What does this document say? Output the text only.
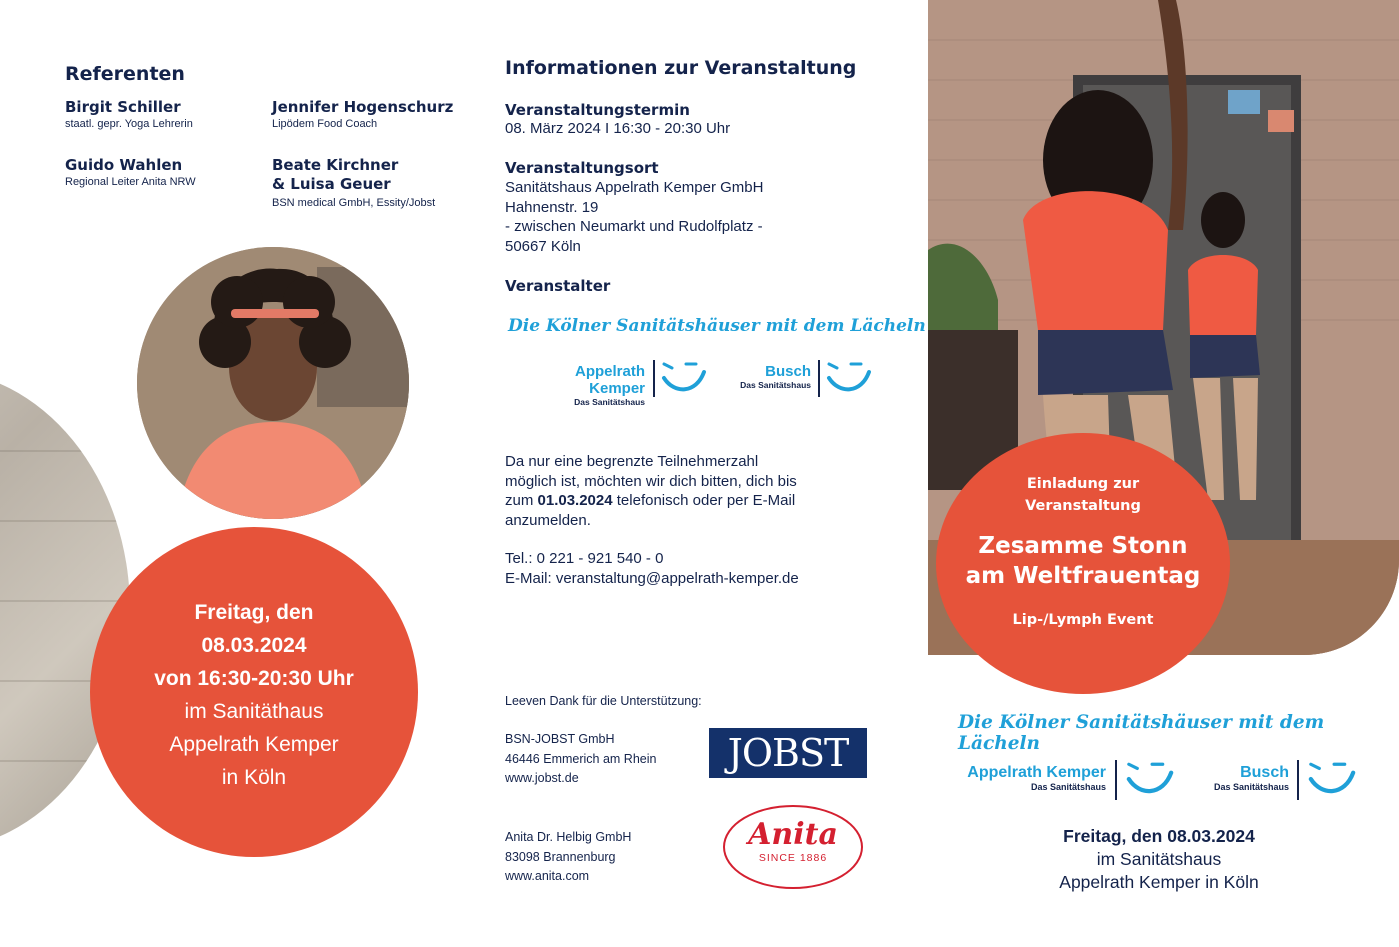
Referenten
Birgit Schiller
staatl. gepr. Yoga Lehrerin
Jennifer Hogenschurz
Lipödem Food Coach
Guido Wahlen
Regional Leiter Anita NRW
Beate Kirchner
& Luisa Geuer
BSN medical GmbH, Essity/Jobst
Freitag, den
08.03.2024
von 16:30-20:30 Uhr
im Sanitäthaus
Appelrath Kemper
in Köln
Informationen zur Veranstaltung
Veranstaltungstermin
08. März 2024 I 16:30 - 20:30 Uhr
Veranstaltungsort
Sanitätshaus Appelrath Kemper GmbH
Hahnenstr. 19
- zwischen Neumarkt und Rudolfplatz -
50667 Köln
Veranstalter
Die Kölner Sanitätshäuser mit dem Lächeln
Appelrath Kemper
Das Sanitätshaus
Busch
Das Sanitätshaus
Da nur eine begrenzte Teilnehmerzahl
möglich ist, möchten wir dich bitten, dich bis
zum 01.03.2024 telefonisch oder per E-Mail
anzumelden.
Tel.: 0 221 - 921 540 - 0
E-Mail: veranstaltung@appelrath-kemper.de
Leeven Dank für die Unterstützung:
BSN-JOBST GmbH
46446 Emmerich am Rhein
www.jobst.de
JOBST
Anita Dr. Helbig GmbH
83098 Brannenburg
www.anita.com
Anita
SINCE 1886
Einladung zur
Veranstaltung
Zesamme Stonn
am Weltfrauentag
Lip-/Lymph Event
Die Kölner Sanitätshäuser mit dem Lächeln
Appelrath Kemper
Das Sanitätshaus
Busch
Das Sanitätshaus
Freitag, den 08.03.2024
im Sanitätshaus
Appelrath Kemper in Köln
